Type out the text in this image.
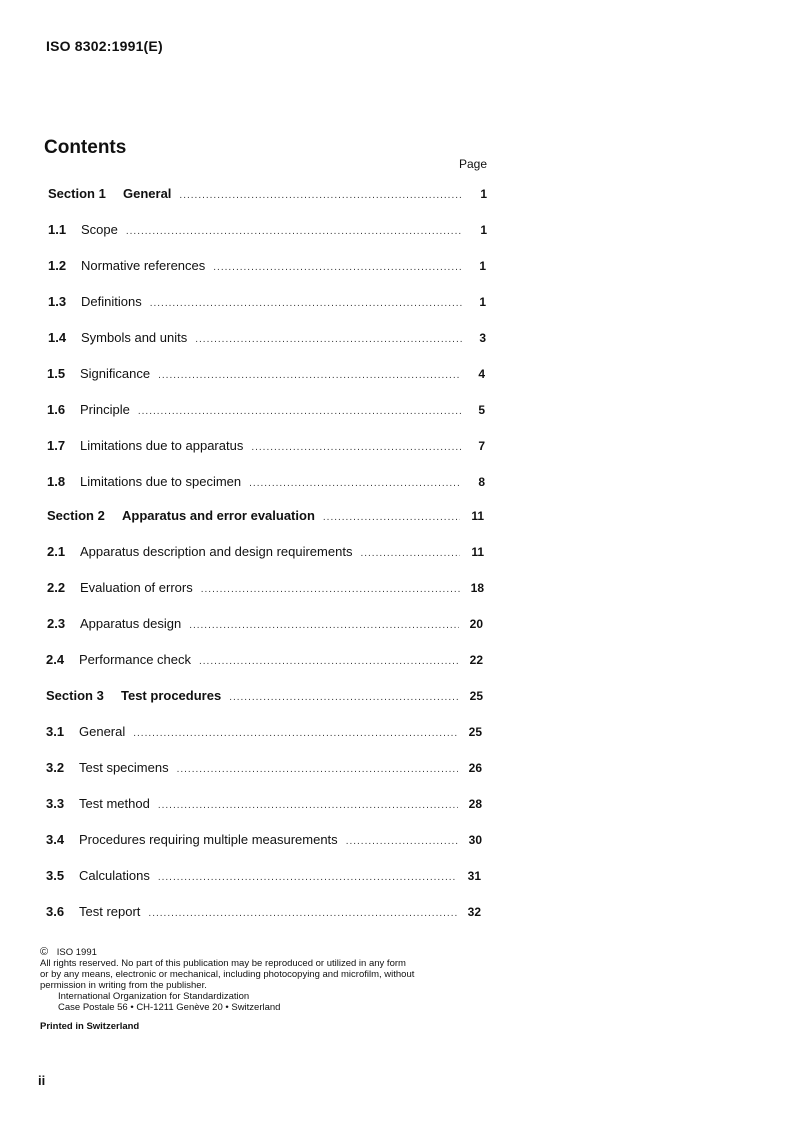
ISO 8302:1991(E)
Contents
Page
Section 1	General .....	1
1.1	Scope .....	1
1.2	Normative references .....	1
1.3	Definitions .....	1
1.4	Symbols and units .....	3
1.5	Significance .....	4
1.6	Principle .....	5
1.7	Limitations due to apparatus .....	7
1.8	Limitations due to specimen .....	8
Section 2	Apparatus and error evaluation .....	11
2.1	Apparatus description and design requirements .....	11
2.2	Evaluation of errors .....	18
2.3	Apparatus design .....	20
2.4	Performance check .....	22
Section 3	Test procedures .....	25
3.1	General .....	25
3.2	Test specimens .....	26
3.3	Test method .....	28
3.4	Procedures requiring multiple measurements .....	30
3.5	Calculations .....	31
3.6	Test report .....	32
© ISO 1991
All rights reserved. No part of this publication may be reproduced or utilized in any form
or by any means, electronic or mechanical, including photocopying and microfilm, without
permission in writing from the publisher.
International Organization for Standardization
Case Postale 56 • CH-1211 Genève 20 • Switzerland
Printed in Switzerland
ii
